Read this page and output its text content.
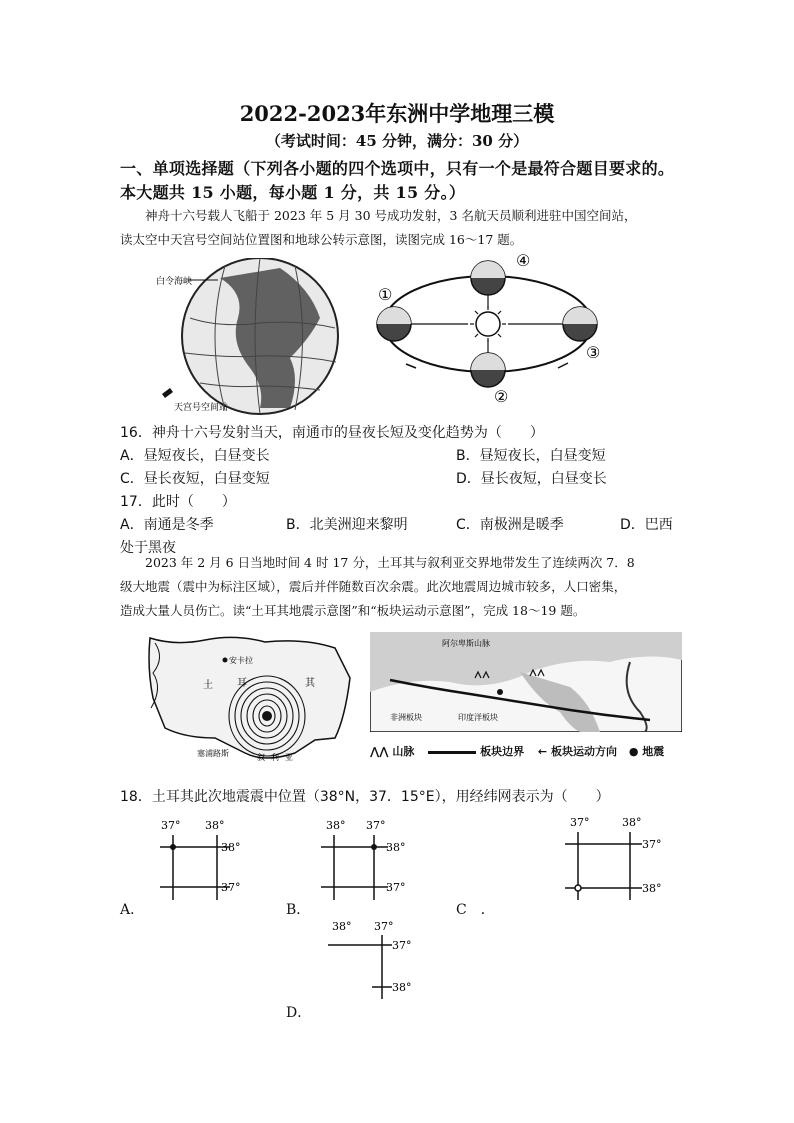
2022-2023年东洲中学地理三模
（考试时间：45 分钟，满分：30 分）
一、单项选择题（下列各小题的四个选项中，只有一个是最符合题目要求的。
本大题共 15 小题，每小题 1 分，共 15 分。）
神舟十六号载人飞船于 2023 年 5 月 30 号成功发射，3 名航天员顺利进驻中国空间站，
读太空中天宫号空间站位置图和地球公转示意图，读图完成 16～17 题。
白令海峡
天宫号空间站
①
②
③
④
16．神舟十六号发射当天，南通市的昼夜长短及变化趋势为（　　）
A．昼短夜长，白昼变长	B．昼短夜长，白昼变短
C．昼长夜短，白昼变短	D．昼长夜短，白昼变长
17．此时（　　）
A．南通是冬季	B．北美洲迎来黎明	C．南极洲是暖季	D．巴西
处于黑夜
2023 年 2 月 6 日当地时间 4 时 17 分，土耳其与叙利亚交界地带发生了连续两次 7．8
级大地震（震中为标注区域），震后并伴随数百次余震。此次地震周边城市较多，人口密集，
造成大量人员伤亡。读“土耳其地震示意图”和“板块运动示意图”，完成 18～19 题。
安卡拉
土 耳	其
叙 利 亚
塞浦路斯
阿尔卑斯山脉
非洲板块	印度洋板块
⋀⋀ 山脉	板块边界 ← 板块运动方向 ● 地震
18．土耳其此次地震震中位置（38°N，37．15°E），用经纬网表示为（　　）
37° 38°
38°
37°
A．
38° 37°
38°
37°
B．
37°	38°
37°
38°
C　．
38° 37°
37°
38°
D．
